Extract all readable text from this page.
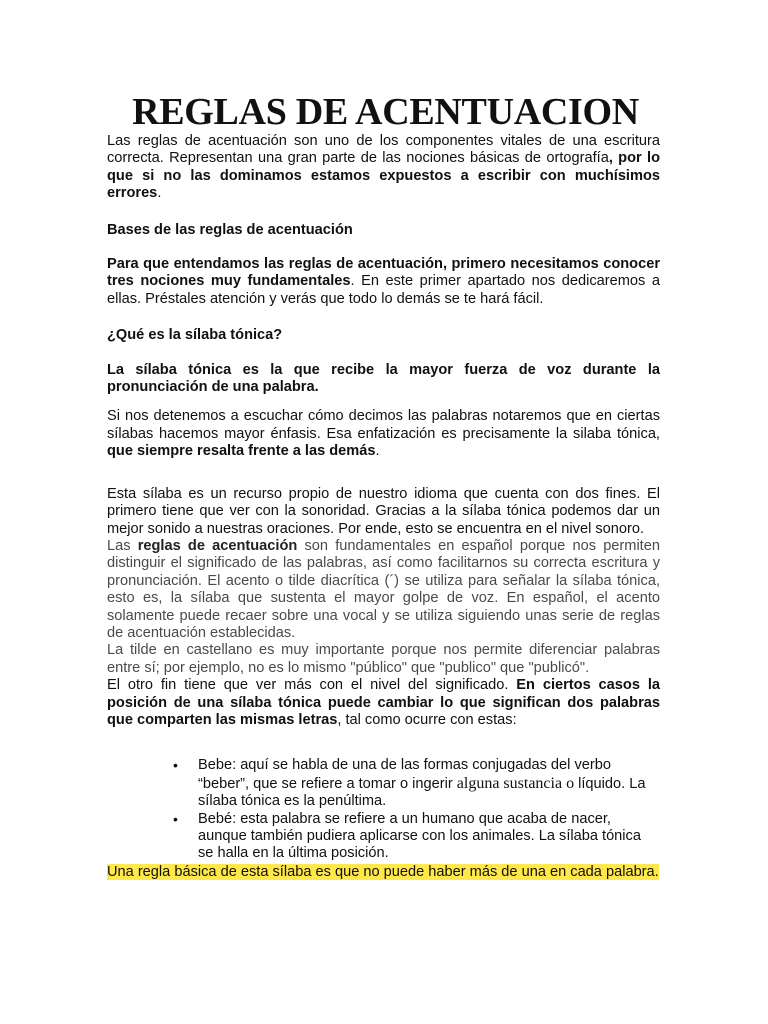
REGLAS DE ACENTUACION

Las reglas de acentuación son uno de los componentes vitales de una escritura correcta. Representan una gran parte de las nociones básicas de ortografía, por lo que si no las dominamos estamos expuestos a escribir con muchísimos errores.

Bases de las reglas de acentuación

Para que entendamos las reglas de acentuación, primero necesitamos conocer tres nociones muy fundamentales. En este primer apartado nos dedicaremos a ellas. Préstales atención y verás que todo lo demás se te hará fácil.

¿Qué es la sílaba tónica?

La sílaba tónica es la que recibe la mayor fuerza de voz durante la pronunciación de una palabra.

Si nos detenemos a escuchar cómo decimos las palabras notaremos que en ciertas sílabas hacemos mayor énfasis. Esa enfatización es precisamente la silaba tónica, que siempre resalta frente a las demás.

Esta sílaba es un recurso propio de nuestro idioma que cuenta con dos fines. El primero tiene que ver con la sonoridad. Gracias a la sílaba tónica podemos dar un mejor sonido a nuestras oraciones. Por ende, esto se encuentra en el nivel sonoro.

Las reglas de acentuación son fundamentales en español porque nos permiten distinguir el significado de las palabras, así como facilitarnos su correcta escritura y pronunciación. El acento o tilde diacrítica (´) se utiliza para señalar la sílaba tónica, esto es, la sílaba que sustenta el mayor golpe de voz. En español, el acento solamente puede recaer sobre una vocal y se utiliza siguiendo unas serie de reglas de acentuación establecidas.

La tilde en castellano es muy importante porque nos permite diferenciar palabras entre sí; por ejemplo, no es lo mismo "público" que "publico" que "publicó".

El otro fin tiene que ver más con el nivel del significado. En ciertos casos la posición de una sílaba tónica puede cambiar lo que significan dos palabras que comparten las mismas letras, tal como ocurre con estas:

• Bebe: aquí se habla de una de las formas conjugadas del verbo “beber”, que se refiere a tomar o ingerir alguna sustancia o líquido. La sílaba tónica es la penúltima.
• Bebé: esta palabra se refiere a un humano que acaba de nacer, aunque también pudiera aplicarse con los animales. La sílaba tónica se halla en la última posición.

Una regla básica de esta sílaba es que no puede haber más de una en cada palabra.
